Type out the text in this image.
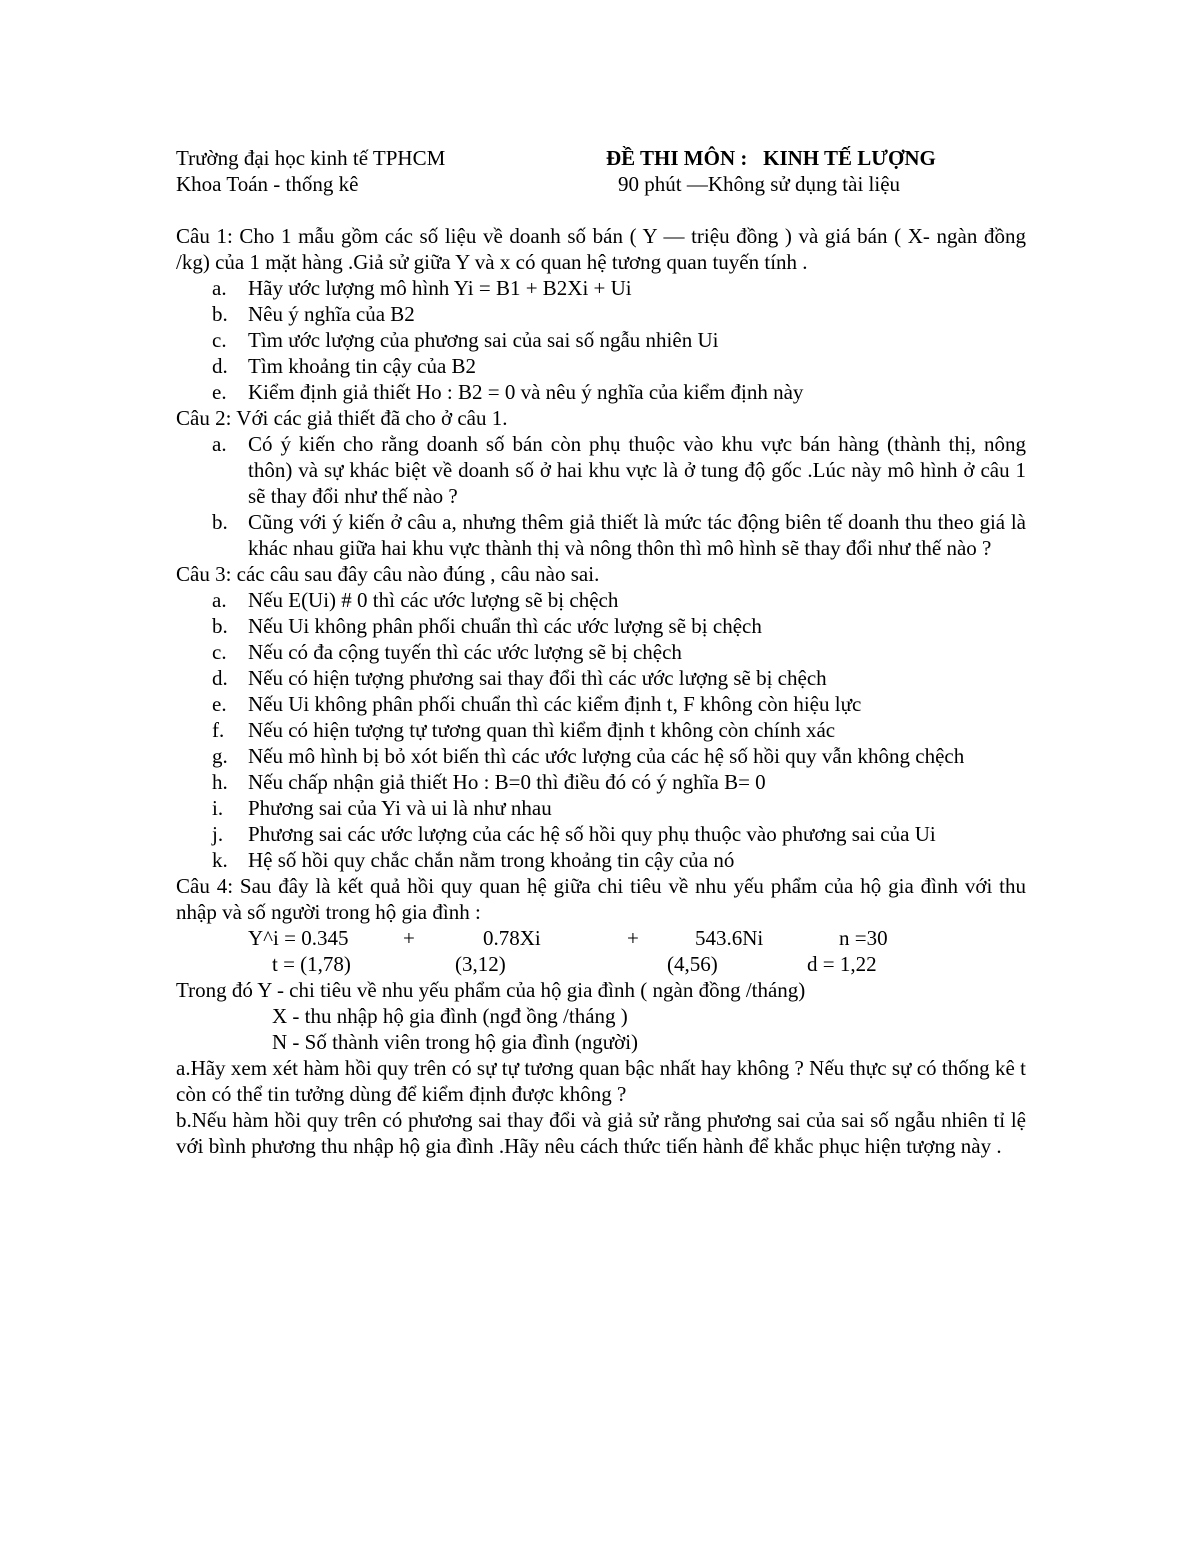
Trường đại học kinh tế TPHCM
Khoa Toán - thống kê
ĐỀ THI MÔN :   KINH TẾ LƯỢNG
90 phút —Không sử dụng tài liệu

Câu 1: Cho 1 mẫu gồm các số liệu về doanh số bán ( Y — triệu đồng ) và giá bán ( X- ngàn đồng /kg) của 1 mặt hàng .Giả sử giữa Y và x có quan hệ tương quan tuyến tính .

a.	Hãy ước lượng mô hình Yi = B1 + B2Xi + Ui
b. Nêu ý nghĩa của B2
c.	Tìm ước lượng của phương sai của sai số ngẫu nhiên Ui
d. Tìm khoảng tin cậy của B2
e.	Kiểm định giả thiết Ho : B2 = 0 và nêu ý nghĩa của kiểm định này

Câu 2: Với các giả thiết đã cho ở câu 1.

a.	Có ý kiến cho rằng doanh số bán còn phụ thuộc vào khu vực bán hàng (thành thị, nông thôn) và sự khác biệt về doanh số ở hai khu vực là ở tung độ gốc .Lúc này mô hình ở câu 1 sẽ thay đổi như thế nào ?
b. Cũng với ý kiến ở câu a, nhưng thêm giả thiết là mức tác động biên tế doanh thu theo giá là khác nhau giữa hai khu vực thành thị và nông thôn thì mô hình sẽ thay đổi như thế nào ?

Câu 3: các câu sau đây câu nào đúng , câu nào sai.

a.	Nếu E(Ui) # 0 thì các ước lượng sẽ bị chệch
b. Nếu Ui không phân phối chuẩn thì các ước lượng sẽ bị chệch
c.	Nếu có đa cộng tuyến thì các ước lượng sẽ bị chệch
d. Nếu có hiện tượng phương sai thay đổi thì các ước lượng sẽ bị chệch
e.	Nếu Ui không phân phối chuẩn thì các kiểm định t, F không còn hiệu lực
f.	Nếu có hiện tượng tự tương quan thì kiểm định t không còn chính xác
g. Nếu mô hình bị bỏ xót biến thì các ước lượng của các hệ số hồi quy vẫn không chệch
h. Nếu chấp nhận giả thiết Ho : B=0 thì điều đó có ý nghĩa B= 0
i.	Phương sai của Yi và ui là như nhau
j.	Phương sai các ước lượng của các hệ số hồi quy phụ thuộc vào phương sai của Ui
k. Hệ số hồi quy chắc chắn nằm trong khoảng tin cậy của nó

Câu 4: Sau đây là kết quả hồi quy quan hệ giữa chi tiêu về nhu yếu phẩm của hộ gia đình với thu nhập và số người trong hộ gia đình :

Y^i = 0.345	+	0.78Xi	+	543.6Ni	n =30
t = (1,78)	(3,12)	(4,56)	d = 1,22
Trong đó Y - chi tiêu về nhu yếu phẩm của hộ gia đình ( ngàn đồng /tháng)
X - thu nhập hộ gia đình (ngđ ồng /tháng )
N - Số thành viên trong hộ gia đình (người)

a.Hãy xem xét hàm hồi quy trên có sự tự tương quan bậc nhất hay không ? Nếu thực sự có thống kê t còn có thể tin tưởng dùng để kiểm định được không ?

b.Nếu hàm hồi quy trên có phương sai thay đổi và giả sử rằng phương sai của sai số ngẫu nhiên tỉ lệ với bình phương thu nhập hộ gia đình .Hãy nêu cách thức tiến hành để khắc phục hiện tượng này .
